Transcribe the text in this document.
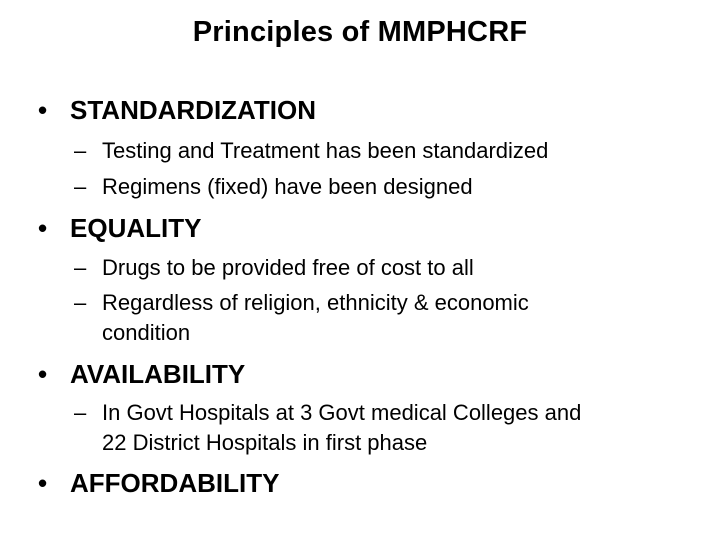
Principles of MMPHCRF
• STANDARDIZATION
– Testing and Treatment has been standardized
– Regimens (fixed) have been designed
• EQUALITY
– Drugs to be provided free of cost to all
– Regardless of religion, ethnicity & economic
condition
• AVAILABILITY
– In Govt Hospitals at 3 Govt medical Colleges and
22 District Hospitals in first phase
• AFFORDABILITY
